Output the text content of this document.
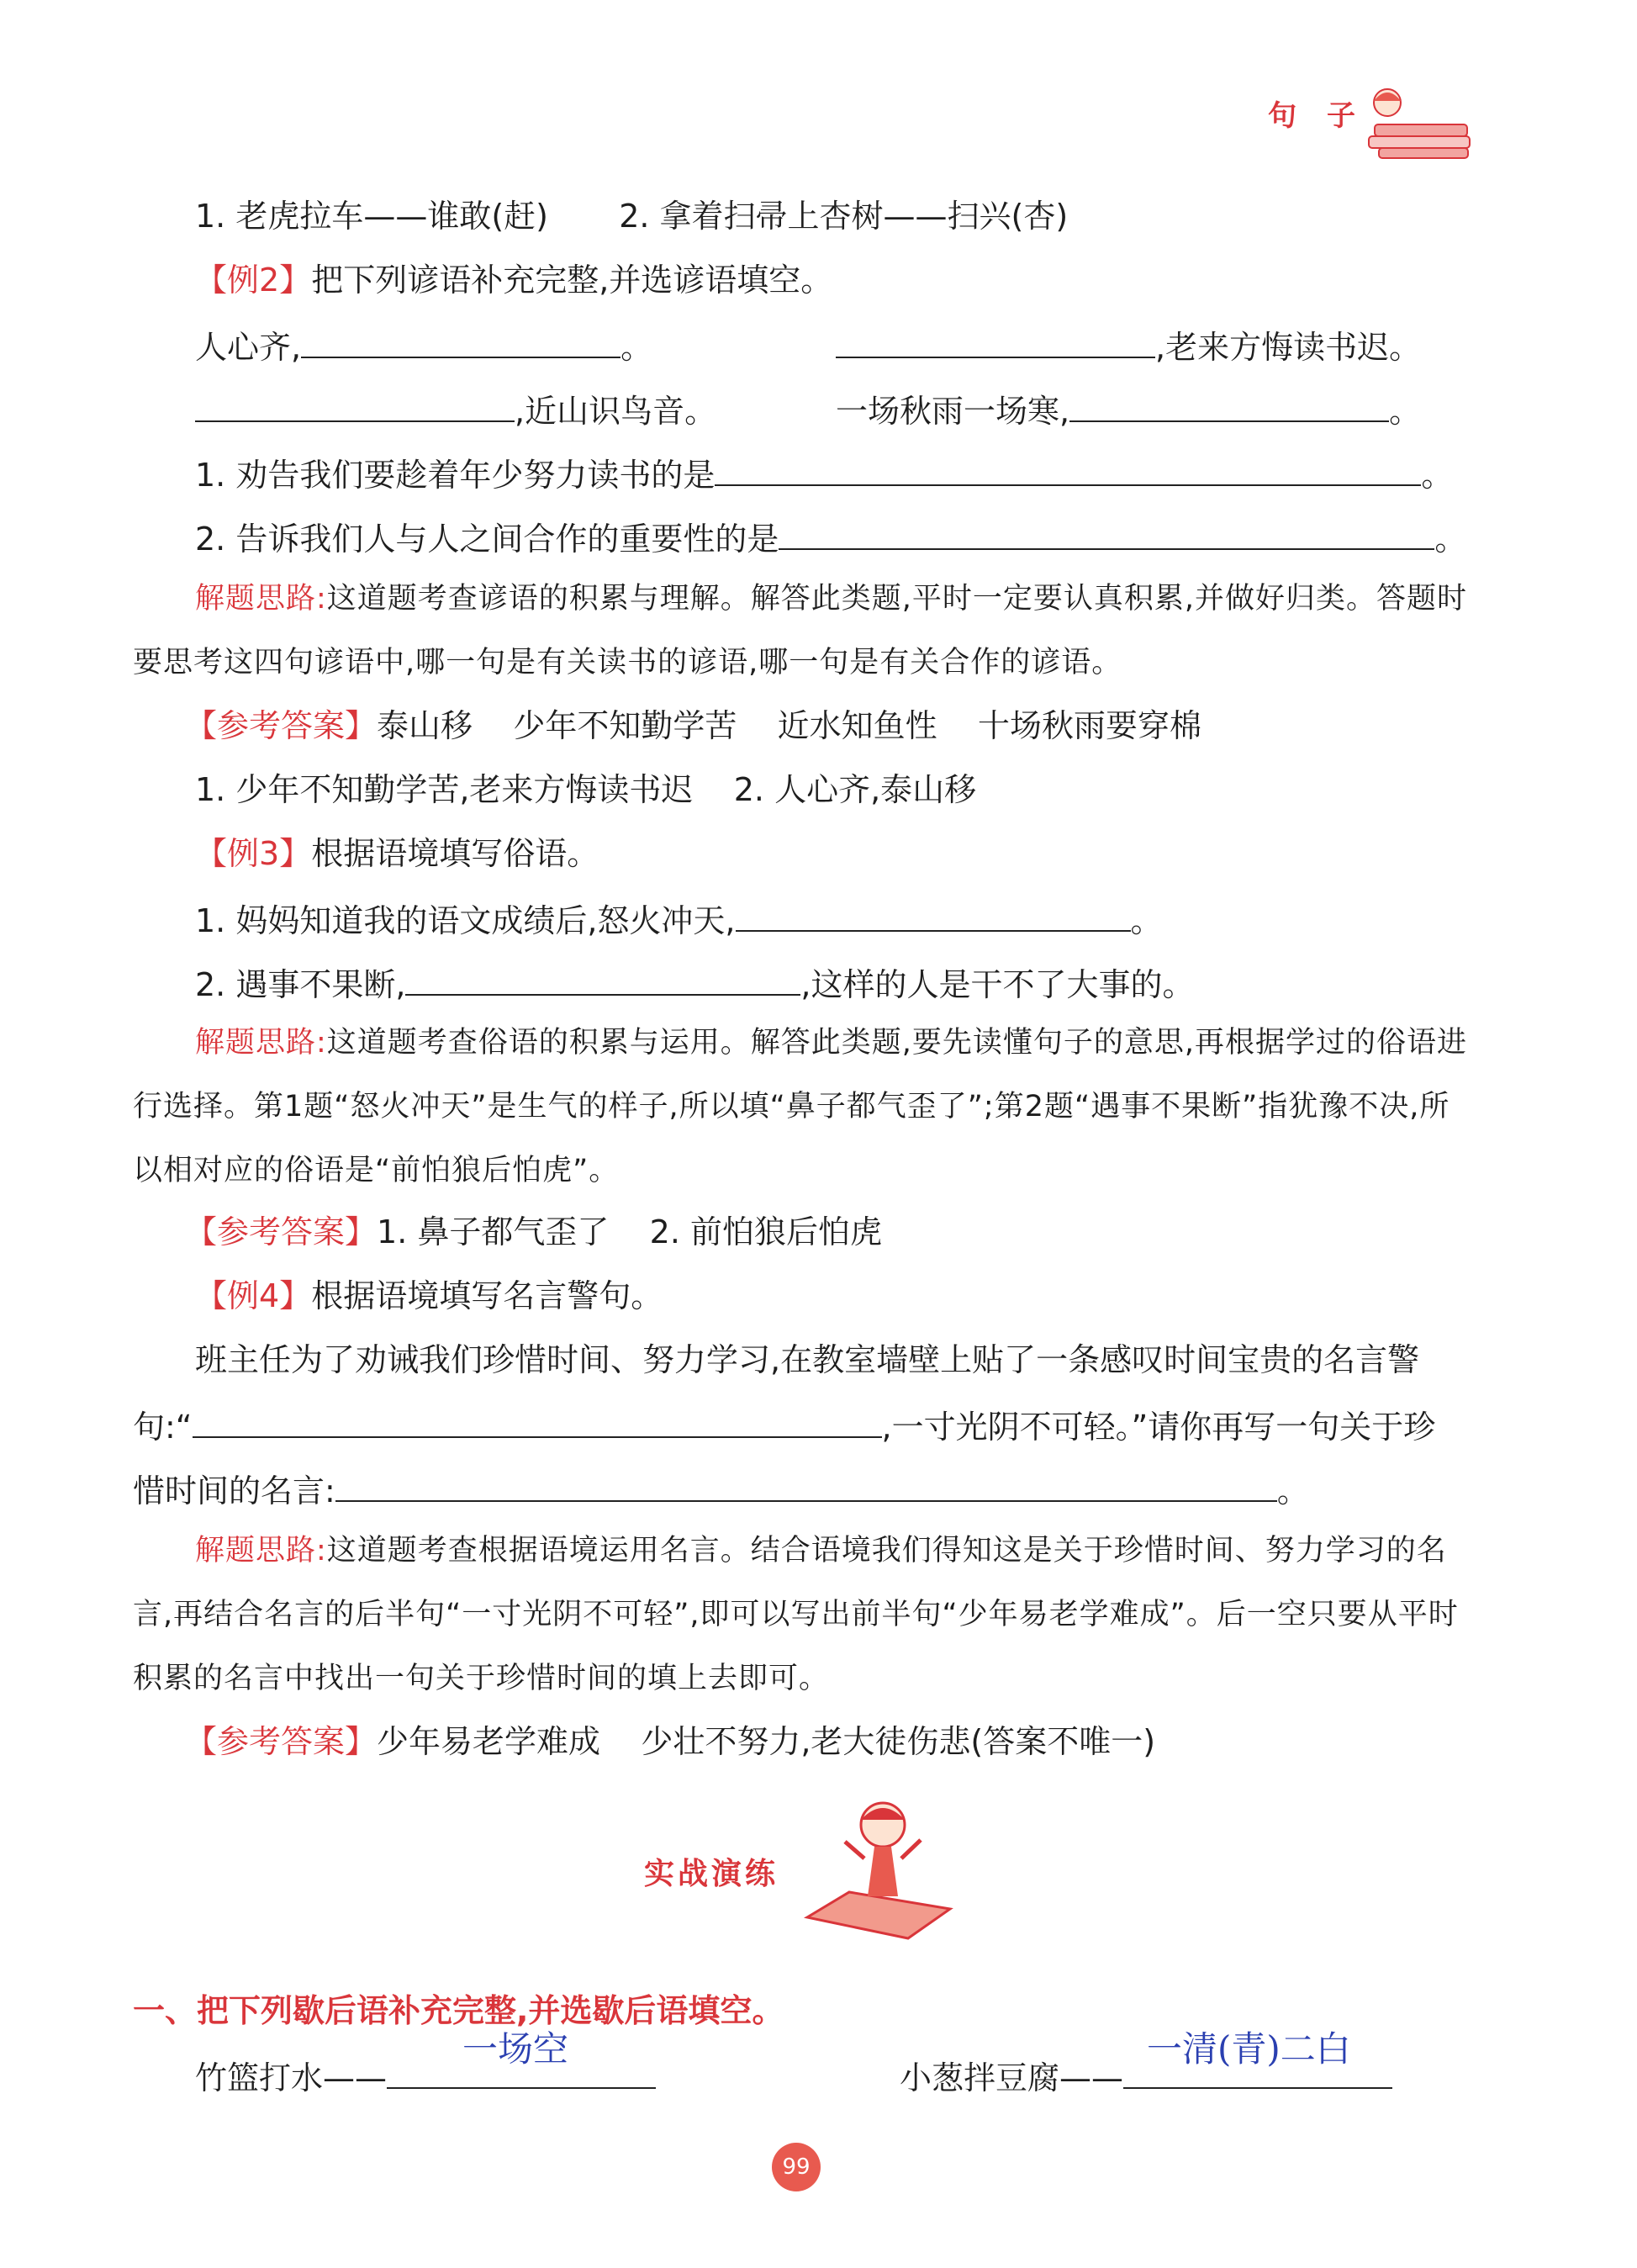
句子
1. 老虎拉车——谁敢(赶) 2. 拿着扫帚上杏树——扫兴(杏)
【例2】把下列谚语补充完整,并选谚语填空。
人心齐,	。	,老来方悔读书迟。
,近山识鸟音。	一场秋雨一场寒,	。
1. 劝告我们要趁着年少努力读书的是	。
2. 告诉我们人与人之间合作的重要性的是	。
解题思路:这道题考查谚语的积累与理解。解答此类题,平时一定要认真积累,并做好归类。答题时要思考这四句谚语中,哪一句是有关读书的谚语,哪一句是有关合作的谚语。
【参考答案】泰山移    少年不知勤学苦    近水知鱼性    十场秋雨要穿棉
1. 少年不知勤学苦,老来方悔读书迟    2. 人心齐,泰山移
【例3】根据语境填写俗语。
1. 妈妈知道我的语文成绩后,怒火冲天,	。
2. 遇事不果断,	,这样的人是干不了大事的。
解题思路:这道题考查俗语的积累与运用。解答此类题,要先读懂句子的意思,再根据学过的俗语进行选择。第1题“怒火冲天”是生气的样子,所以填“鼻子都气歪了”;第2题“遇事不果断”指犹豫不决,所以相对应的俗语是“前怕狼后怕虎”。
【参考答案】1. 鼻子都气歪了    2. 前怕狼后怕虎
【例4】根据语境填写名言警句。
班主任为了劝诫我们珍惜时间、努力学习,在教室墙壁上贴了一条感叹时间宝贵的名言警
句:“	,一寸光阴不可轻。”请你再写一句关于珍
惜时间的名言:	。
解题思路:这道题考查根据语境运用名言。结合语境我们得知这是关于珍惜时间、努力学习的名言,再结合名言的后半句“一寸光阴不可轻”,即可以写出前半句“少年易老学难成”。后一空只要从平时积累的名言中找出一句关于珍惜时间的填上去即可。
【参考答案】少年易老学难成    少壮不努力,老大徒伤悲(答案不唯一)
实战演练
一、把下列歇后语补充完整,并选歇后语填空。
竹篮打水——
一场空
小葱拌豆腐——
一清(青)二白
99
